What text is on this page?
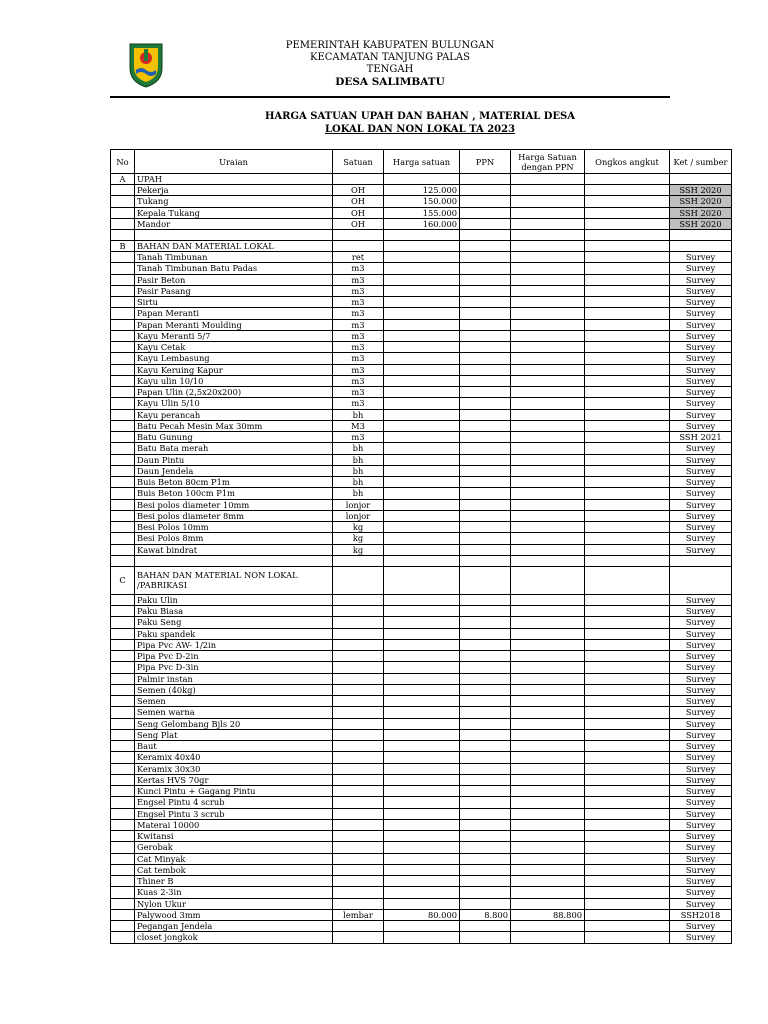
PEMERINTAH KABUPATEN BULUNGAN
KECAMATAN TANJUNG PALAS
TENGAH
DESA SALIMBATU
HARGA SATUAN UPAH DAN BAHAN , MATERIAL DESA
LOKAL DAN NON LOKAL TA 2023
No	Uraian	Satuan	Harga satuan	PPN	Harga Satuan dengan PPN	Ongkos angkut	Ket / sumber
A	UPAH						
	Pekerja	OH	125.000				SSH 2020
	Tukang	OH	150.000				SSH 2020
	Kepala Tukang	OH	155.000				SSH 2020
	Mandor	OH	160.000				SSH 2020

B	BAHAN DAN MATERIAL LOKAL						
	Tanah Timbunan	ret					Survey
	Tanah Timbunan Batu Padas	m3					Survey
	Pasir Beton	m3					Survey
	Pasir Pasang	m3					Survey
	Sirtu	m3					Survey
	Papan Meranti	m3					Survey
	Papan Meranti Moulding	m3					Survey
	Kayu Meranti 5/7	m3					Survey
	Kayu Cetak	m3					Survey
	Kayu Lembasung	m3					Survey
	Kayu Keruing Kapur	m3					Survey
	Kayu ulin 10/10	m3					Survey
	Papan Ulin (2,5x20x200)	m3					Survey
	Kayu Ulin 5/10	m3					Survey
	Kayu perancah	bh					Survey
	Batu Pecah Mesin Max 30mm	M3					Survey
	Batu Gunung	m3					SSH 2021
	Batu Bata merah	bh					Survey
	Daun Pintu	bh					Survey
	Daun Jendela	bh					Survey
	Buis Beton 80cm P1m	bh					Survey
	Buis Beton 100cm P1m	bh					Survey
	Besi polos diameter 10mm	lonjor					Survey
	Besi polos diameter 8mm	lonjor					Survey
	Besi Polos 10mm	kg					Survey
	Besi Polos 8mm	kg					Survey
	Kawat bindrat	kg					Survey

C	BAHAN DAN MATERIAL NON LOKAL /PABRIKASI						
	Paku Ulin						Survey
	Paku Biasa						Survey
	Paku Seng						Survey
	Paku spandek						Survey
	Pipa Pvc AW- 1/2in						Survey
	Pipa Pvc D-2in						Survey
	Pipa Pvc D-3in						Survey
	Palmir instan						Survey
	Semen (40kg)						Survey
	Semen						Survey
	Semen warna						Survey
	Seng Gelombang Bjls 20						Survey
	Seng Plat						Survey
	Baut						Survey
	Keramix 40x40						Survey
	Keramix 30x30						Survey
	Kertas HVS 70gr						Survey
	Kunci Pintu + Gagang Pintu						Survey
	Engsel Pintu 4 scrub						Survey
	Engsel Pintu 3 scrub						Survey
	Materai 10000						Survey
	Kwitansi						Survey
	Gerobak						Survey
	Cat Minyak						Survey
	Cat tembok						Survey
	Thiner B						Survey
	Kuas 2-3in						Survey
	Nylon Ukur						Survey
	Palywood 3mm	lembar	80.000	8.800	88.800		SSH2018
	Pegangan Jendela						Survey
	closet jongkok						Survey
